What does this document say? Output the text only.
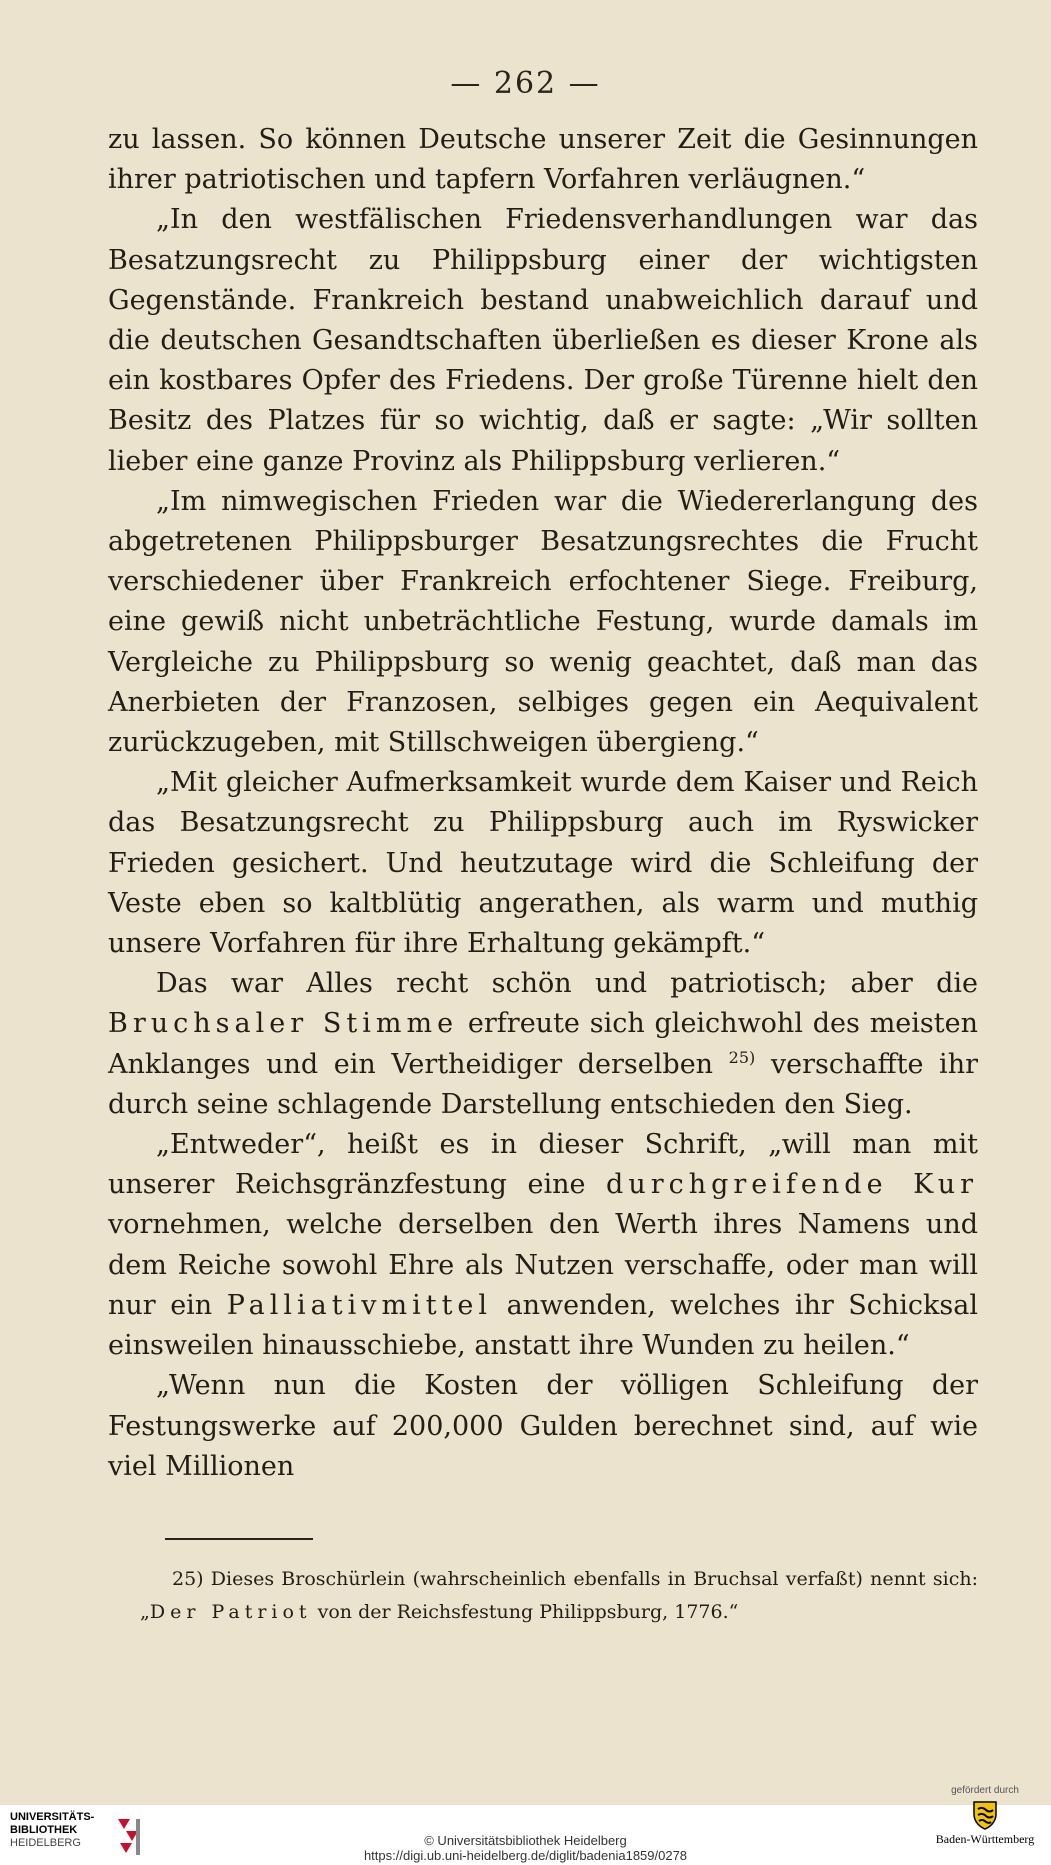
— 262 —

zu lassen. So können Deutsche unserer Zeit die Gesinnungen ihrer patriotischen und tapfern Vorfahren verläugnen.“

„In den westfälischen Friedensverhandlungen war das Besatzungsrecht zu Philippsburg einer der wichtigsten Gegenstände. Frankreich bestand unabweichlich darauf und die deutschen Gesandtschaften überließen es dieser Krone als ein kostbares Opfer des Friedens. Der große Türenne hielt den Besitz des Platzes für so wichtig, daß er sagte: „Wir sollten lieber eine ganze Provinz als Philippsburg verlieren.“

„Im nimwegischen Frieden war die Wiedererlangung des abgetretenen Philippsburger Besatzungsrechtes die Frucht verschiedener über Frankreich erfochtener Siege. Freiburg, eine gewiß nicht unbeträchtliche Festung, wurde damals im Vergleiche zu Philippsburg so wenig geachtet, daß man das Anerbieten der Franzosen, selbiges gegen ein Aequivalent zurückzugeben, mit Stillschweigen übergieng.“

„Mit gleicher Aufmerksamkeit wurde dem Kaiser und Reich das Besatzungsrecht zu Philippsburg auch im Ryswicker Frieden gesichert. Und heutzutage wird die Schleifung der Veste eben so kaltblütig angerathen, als warm und muthig unsere Vorfahren für ihre Erhaltung gekämpft.“

Das war Alles recht schön und patriotisch; aber die Bruchsaler Stimme erfreute sich gleichwohl des meisten Anklanges und ein Vertheidiger derselben $^{25)}$ verschaffte ihr durch seine schlagende Darstellung entschieden den Sieg.

„Entweder“, heißt es in dieser Schrift, „will man mit unserer Reichsgränzfestung eine durchgreifende Kur vornehmen, welche derselben den Werth ihres Namens und dem Reiche sowohl Ehre als Nutzen verschaffe, oder man will nur ein Palliativmittel anwenden, welches ihr Schicksal einsweilen hinausschiebe, anstatt ihre Wunden zu heilen.“

„Wenn nun die Kosten der völligen Schleifung der Festungswerke auf 200,000 Gulden berechnet sind, auf wie viel Millionen

25) Dieses Broschürlein (wahrscheinlich ebenfalls in Bruchsal verfaßt) nennt sich: „Der Patriot von der Reichsfestung Philippsburg, 1776.“

UNIVERSITÄTS-
BIBLIOTHEK
HEIDELBERG	© Universitätsbibliothek Heidelberg
https://digi.ub.uni-heidelberg.de/diglit/badenia1859/0278
gefördert durch
Baden-Württemberg
